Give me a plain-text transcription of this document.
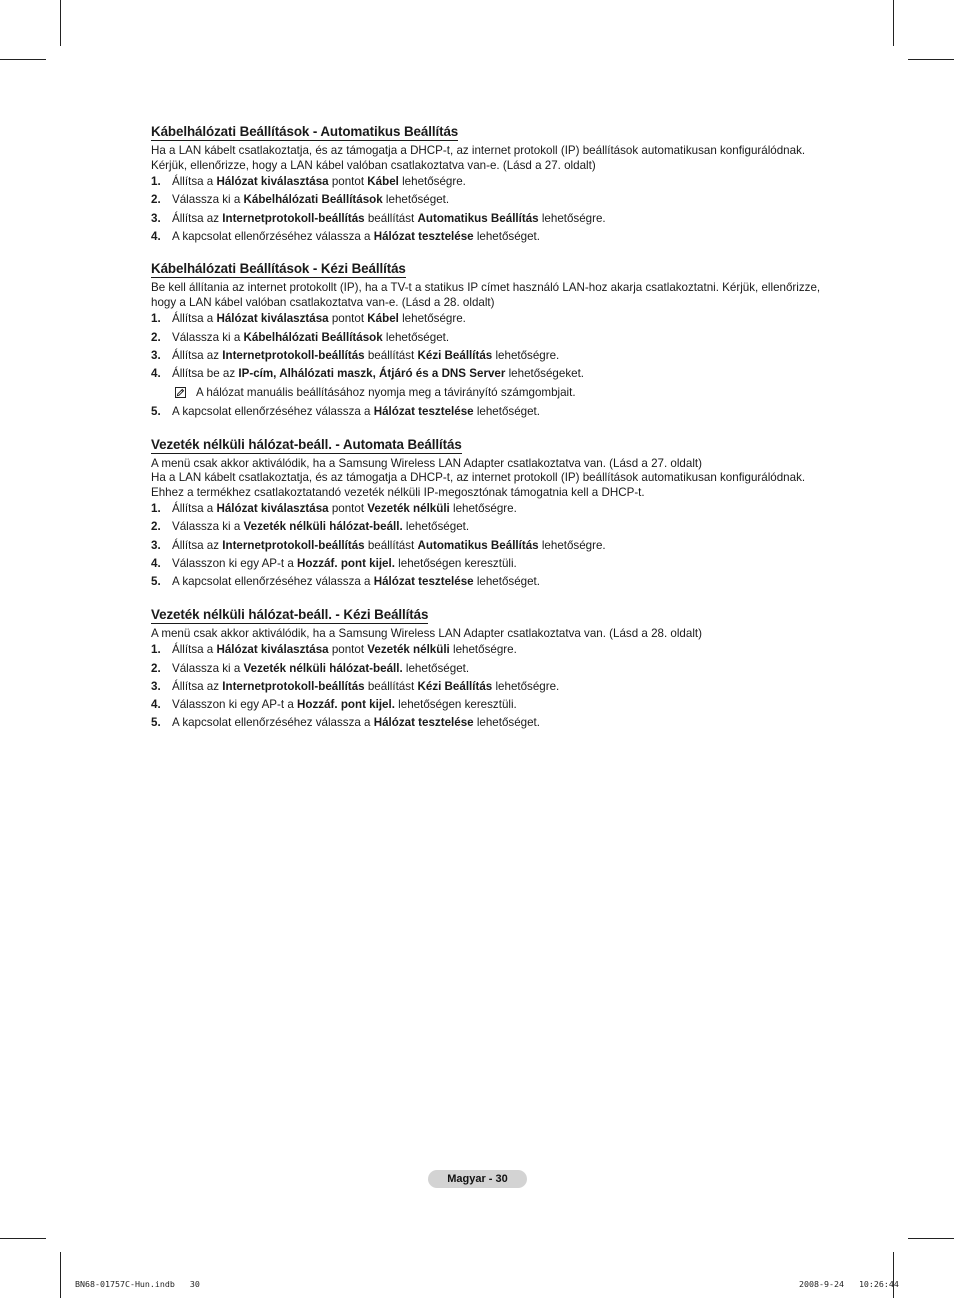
Kábelhálózati Beállítások - Automatikus Beállítás

Ha a LAN kábelt csatlakoztatja, és az támogatja a DHCP-t, az internet protokoll (IP) beállítások automatikusan konfigurálódnak.

Kérjük, ellenőrizze, hogy a LAN kábel valóban csatlakoztatva van-e. (Lásd a 27. oldalt)

1. Állítsa a Hálózat kiválasztása pontot Kábel lehetőségre.
2. Válassza ki a Kábelhálózati Beállítások lehetőséget.
3. Állítsa az Internetprotokoll-beállítás beállítást Automatikus Beállítás lehetőségre.
4. A kapcsolat ellenőrzéséhez válassza a Hálózat tesztelése lehetőséget.
Kábelhálózati Beállítások - Kézi Beállítás

Be kell állítania az internet protokollt (IP), ha a TV-t a statikus IP címet használó LAN-hoz akarja csatlakoztatni. Kérjük, ellenőrizze,

hogy a LAN kábel valóban csatlakoztatva van-e. (Lásd a 28. oldalt)

1. Állítsa a Hálózat kiválasztása pontot Kábel lehetőségre.
2. Válassza ki a Kábelhálózati Beállítások lehetőséget.
3. Állítsa az Internetprotokoll-beállítás beállítást Kézi Beállítás lehetőségre.
4. Állítsa be az IP-cím, Alhálózati maszk, Átjáró és a DNS Server lehetőségeket.
A hálózat manuális beállításához nyomja meg a távirányító számgombjait.
5. A kapcsolat ellenőrzéséhez válassza a Hálózat tesztelése lehetőséget.
Vezeték nélküli hálózat-beáll. - Automata Beállítás

A menü csak akkor aktiválódik, ha a Samsung Wireless LAN Adapter csatlakoztatva van. (Lásd a 27. oldalt)

Ha a LAN kábelt csatlakoztatja, és az támogatja a DHCP-t, az internet protokoll (IP) beállítások automatikusan konfigurálódnak.

Ehhez a termékhez csatlakoztatandó vezeték nélküli IP-megosztónak támogatnia kell a DHCP-t.

1. Állítsa a Hálózat kiválasztása pontot Vezeték nélküli lehetőségre.
2. Válassza ki a Vezeték nélküli hálózat-beáll. lehetőséget.
3. Állítsa az Internetprotokoll-beállítás beállítást Automatikus Beállítás lehetőségre.
4. Válasszon ki egy AP-t a Hozzáf. pont kijel. lehetőségen keresztüli.
5. A kapcsolat ellenőrzéséhez válassza a Hálózat tesztelése lehetőséget.
Vezeték nélküli hálózat-beáll. - Kézi Beállítás

A menü csak akkor aktiválódik, ha a Samsung Wireless LAN Adapter csatlakoztatva van. (Lásd a 28. oldalt)

1. Állítsa a Hálózat kiválasztása pontot Vezeték nélküli lehetőségre.
2. Válassza ki a Vezeték nélküli hálózat-beáll. lehetőséget.
3. Állítsa az Internetprotokoll-beállítás beállítást Kézi Beállítás lehetőségre.
4. Válasszon ki egy AP-t a Hozzáf. pont kijel. lehetőségen keresztüli.
5. A kapcsolat ellenőrzéséhez válassza a Hálózat tesztelése lehetőséget.
Magyar - 30
BN68-01757C-Hun.indb   30	2008-9-24   10:26:44
